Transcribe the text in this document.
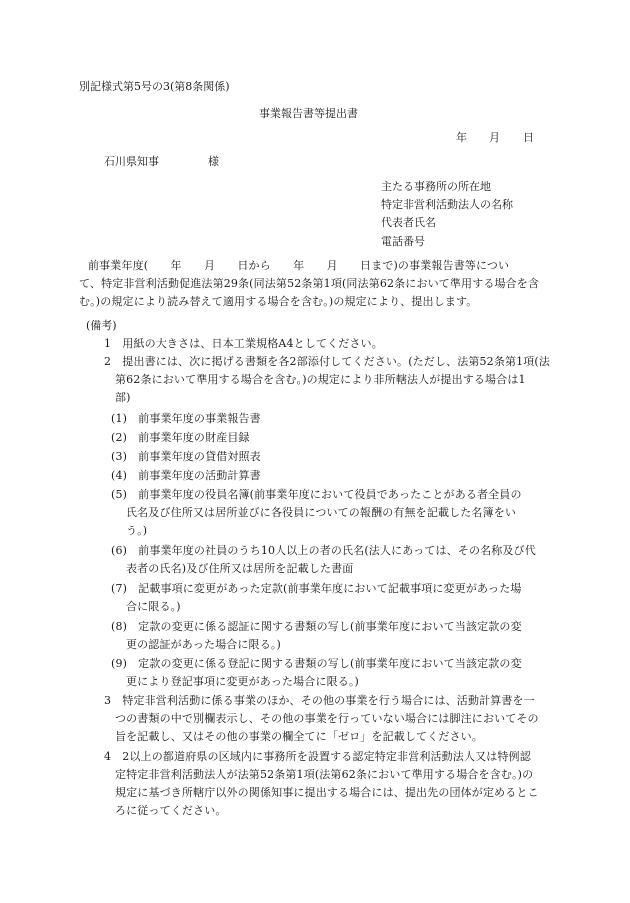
別記様式第5号の3(第8条関係)
事業報告書等提出書
年 月 日
石川県知事	様
主たる事務所の所在地
特定非営利活動法人の名称
代表者氏名
電話番号
前事業年度(　　年　　月　　日から　　年　　月　　日まで)の事業報告書等につい
て、特定非営利活動促進法第29条(同法第52条第1項(同法第62条において準用する場合を含
む。)の規定により読み替えて適用する場合を含む。)の規定により、提出します。
(備考)
1　用紙の大きさは、日本工業規格A4としてください。
2　提出書には、次に掲げる書類を各2部添付してください。(ただし、法第52条第1項(法
第62条において準用する場合を含む。)の規定により非所轄法人が提出する場合は1
部)
(1)　前事業年度の事業報告書
(2)　前事業年度の財産目録
(3)　前事業年度の貸借対照表
(4)　前事業年度の活動計算書
(5)　前事業年度の役員名簿(前事業年度において役員であったことがある者全員の
氏名及び住所又は居所並びに各役員についての報酬の有無を記載した名簿をい
う。)
(6)　前事業年度の社員のうち10人以上の者の氏名(法人にあっては、その名称及び代
表者の氏名)及び住所又は居所を記載した書面
(7)　記載事項に変更があった定款(前事業年度において記載事項に変更があった場
合に限る。)
(8)　定款の変更に係る認証に関する書類の写し(前事業年度において当該定款の変
更の認証があった場合に限る。)
(9)　定款の変更に係る登記に関する書類の写し(前事業年度において当該定款の変
更により登記事項に変更があった場合に限る。)
3　特定非営利活動に係る事業のほか、その他の事業を行う場合には、活動計算書を一
つの書類の中で別欄表示し、その他の事業を行っていない場合には脚注においてその
旨を記載し、又はその他の事業の欄全てに「ゼロ」を記載してください。
4　2以上の都道府県の区域内に事務所を設置する認定特定非営利活動法人又は特例認
定特定非営利活動法人が法第52条第1項(法第62条において準用する場合を含む。)の
規定に基づき所轄庁以外の関係知事に提出する場合には、提出先の団体が定めるとこ
ろに従ってください。
